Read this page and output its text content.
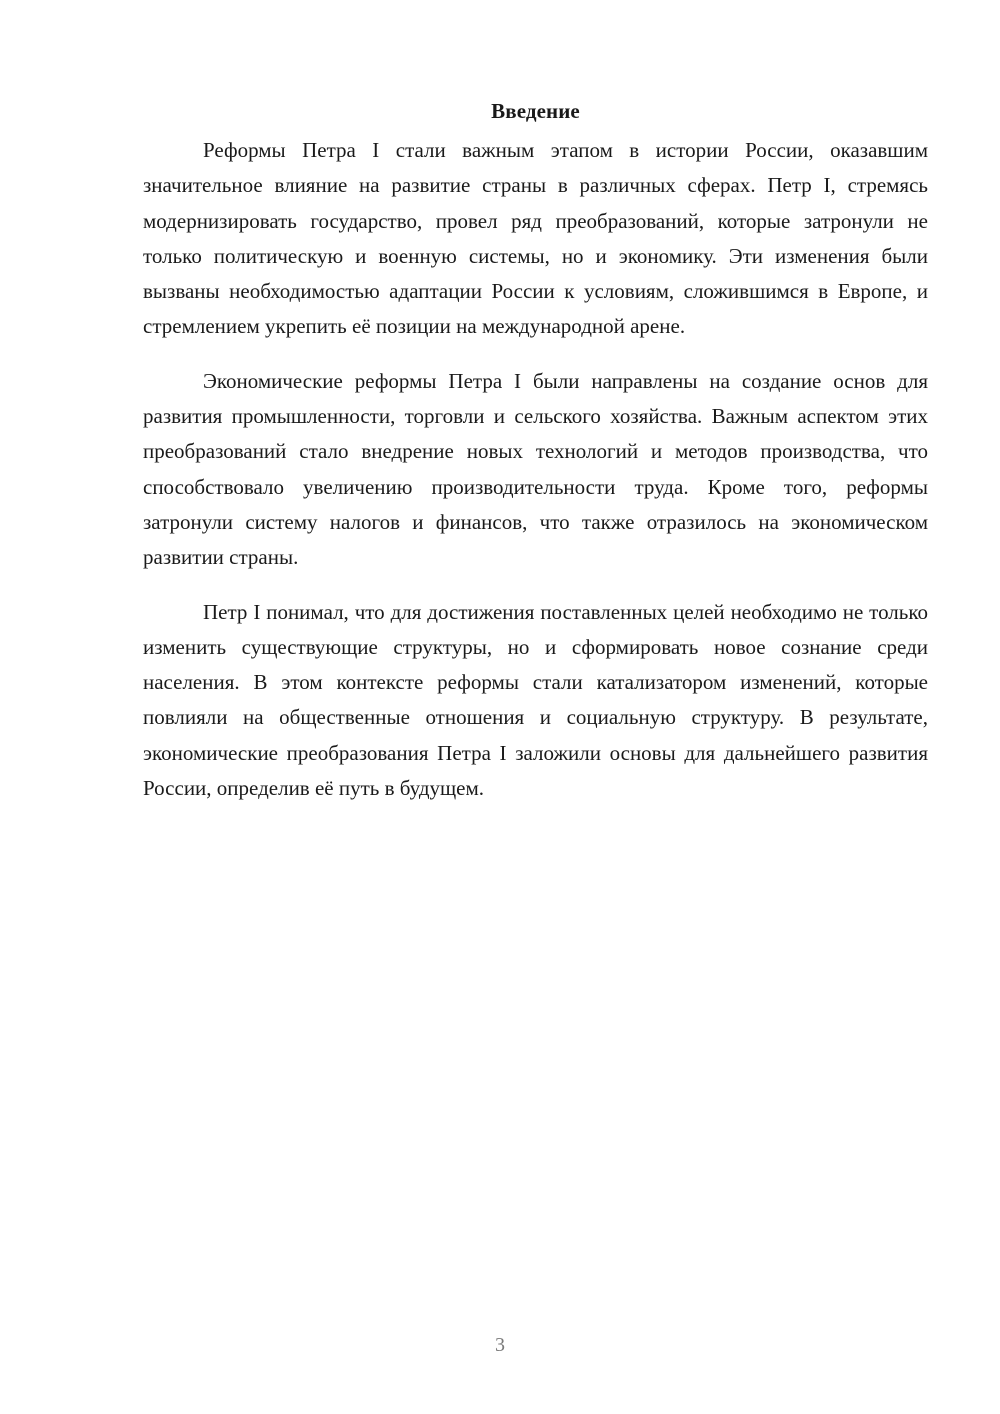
Введение

Реформы Петра I стали важным этапом в истории России, оказавшим значительное влияние на развитие страны в различных сферах. Петр I, стремясь модернизировать государство, провел ряд преобразований, которые затронули не только политическую и военную системы, но и экономику. Эти изменения были вызваны необходимостью адаптации России к условиям, сложившимся в Европе, и стремлением укрепить её позиции на международной арене.

Экономические реформы Петра I были направлены на создание основ для развития промышленности, торговли и сельского хозяйства. Важным аспектом этих преобразований стало внедрение новых технологий и методов производства, что способствовало увеличению производительности труда. Кроме того, реформы затронули систему налогов и финансов, что также отразилось на экономическом развитии страны.

Петр I понимал, что для достижения поставленных целей необходимо не только изменить существующие структуры, но и сформировать новое сознание среди населения. В этом контексте реформы стали катализатором изменений, которые повлияли на общественные отношения и социальную структуру. В результате, экономические преобразования Петра I заложили основы для дальнейшего развития России, определив её путь в будущем.

3
